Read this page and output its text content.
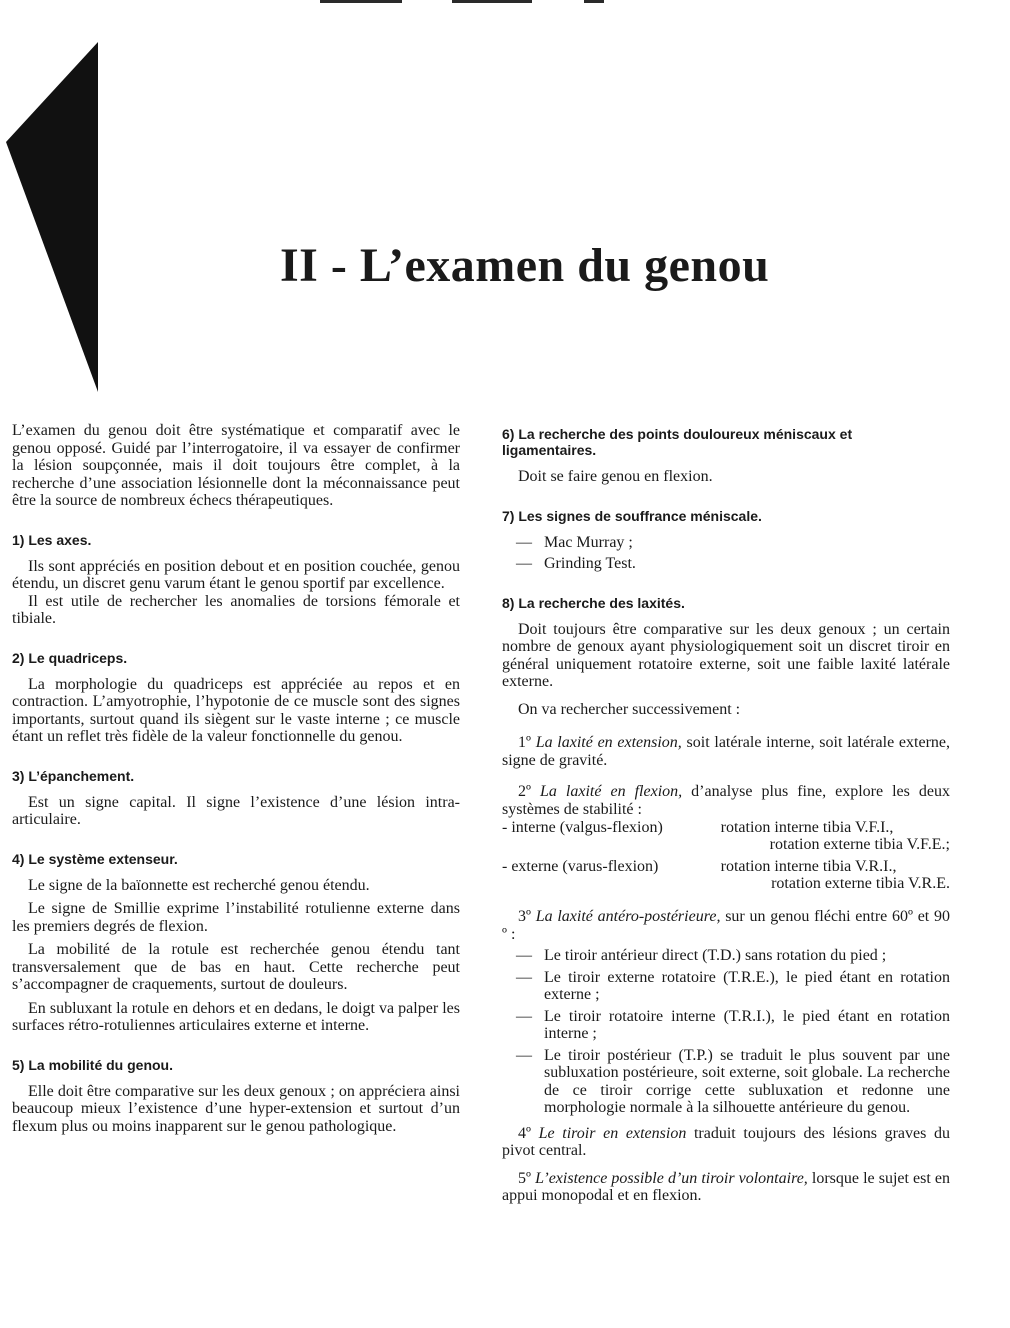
II - L’examen du genou

L’examen du genou doit être systématique et comparatif avec le genou opposé. Guidé par l’interrogatoire, il va essayer de confirmer la lésion soupçonnée, mais il doit toujours être complet, à la recherche d’une association lésionnelle dont la méconnaissance peut être la source de nombreux échecs thérapeutiques.

1) Les axes.

Ils sont appréciés en position debout et en position couchée, genou étendu, un discret genu varum étant le genou sportif par excellence.

Il est utile de rechercher les anomalies de torsions fémorale et tibiale.

2) Le quadriceps.

La morphologie du quadriceps est appréciée au repos et en contraction. L’amyotrophie, l’hypotonie de ce muscle sont des signes importants, surtout quand ils siègent sur le vaste interne ; ce muscle étant un reflet très fidèle de la valeur fonctionnelle du genou.

3) L’épanchement.

Est un signe capital. Il signe l’existence d’une lésion intra-articulaire.

4) Le système extenseur.

Le signe de la baïonnette est recherché genou étendu.

Le signe de Smillie exprime l’instabilité rotulienne externe dans les premiers degrés de flexion.

La mobilité de la rotule est recherchée genou étendu tant transversalement que de bas en haut. Cette recherche peut s’accompagner de craquements, surtout de douleurs.

En subluxant la rotule en dehors et en dedans, le doigt va palper les surfaces rétro-rotuliennes articulaires externe et interne.

5) La mobilité du genou.

Elle doit être comparative sur les deux genoux ; on appréciera ainsi beaucoup mieux l’existence d’une hyper-extension et surtout d’un flexum plus ou moins inapparent sur le genou pathologique.

6) La recherche des points douloureux méniscaux et ligamentaires.

Doit se faire genou en flexion.

7) Les signes de souffrance méniscale.
— Mac Murray ;
— Grinding Test.
8) La recherche des laxités.

Doit toujours être comparative sur les deux genoux ; un certain nombre de genoux ayant physiologiquement soit un discret tiroir en général uniquement rotatoire externe, soit une faible laxité latérale externe.

On va rechercher successivement :

1º La laxité en extension, soit latérale interne, soit latérale externe, signe de gravité.

2º La laxité en flexion, d’analyse plus fine, explore les deux systèmes de stabilité :

- interne (valgus-flexion)	rotation interne tibia V.F.I.,
	rotation externe tibia V.F.E.;

- externe (varus-flexion)	rotation interne tibia V.R.I.,
	rotation externe tibia V.R.E.

3º La laxité antéro-postérieure, sur un genou fléchi entre 60º et 90 º :

— Le tiroir antérieur direct (T.D.) sans rotation du pied ;
— Le tiroir externe rotatoire (T.R.E.), le pied étant en rotation externe ;
— Le tiroir rotatoire interne (T.R.I.), le pied étant en rotation interne ;
— Le tiroir postérieur (T.P.) se traduit le plus souvent par une subluxation postérieure, soit externe, soit globale. La recherche de ce tiroir corrige cette subluxation et redonne une morphologie normale à la silhouette antérieure du genou.

4º Le tiroir en extension traduit toujours des lésions graves du pivot central.

5º L’existence possible d’un tiroir volontaire, lorsque le sujet est en appui monopodal et en flexion.
